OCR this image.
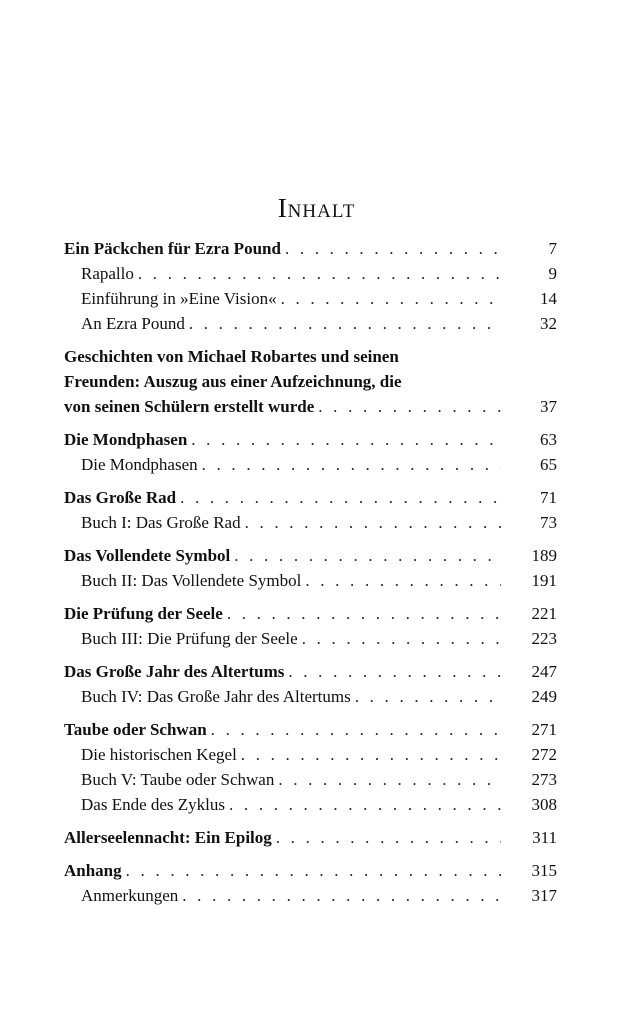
Inhalt
Ein Päckchen für Ezra Pound . . .	7
Rapallo . . .	9
Einführung in »Eine Vision« . . .	14
An Ezra Pound . . .	32
Geschichten von Michael Robartes und seinen
Freunden: Auszug aus einer Aufzeichnung, die
von seinen Schülern erstellt wurde . . .	37
Die Mondphasen . . .	63
Die Mondphasen . . .	65
Das Große Rad . . .	71
Buch I: Das Große Rad . . .	73
Das Vollendete Symbol . . .	189
Buch II: Das Vollendete Symbol . . .	191
Die Prüfung der Seele . . .	221
Buch III: Die Prüfung der Seele . . .	223
Das Große Jahr des Altertums . . .	247
Buch IV: Das Große Jahr des Altertums . . .	249
Taube oder Schwan . . .	271
Die historischen Kegel . . .	272
Buch V: Taube oder Schwan . . .	273
Das Ende des Zyklus . . .	308
Allerseelennacht: Ein Epilog . . .	311
Anhang . . .	315
Anmerkungen . . .	317
